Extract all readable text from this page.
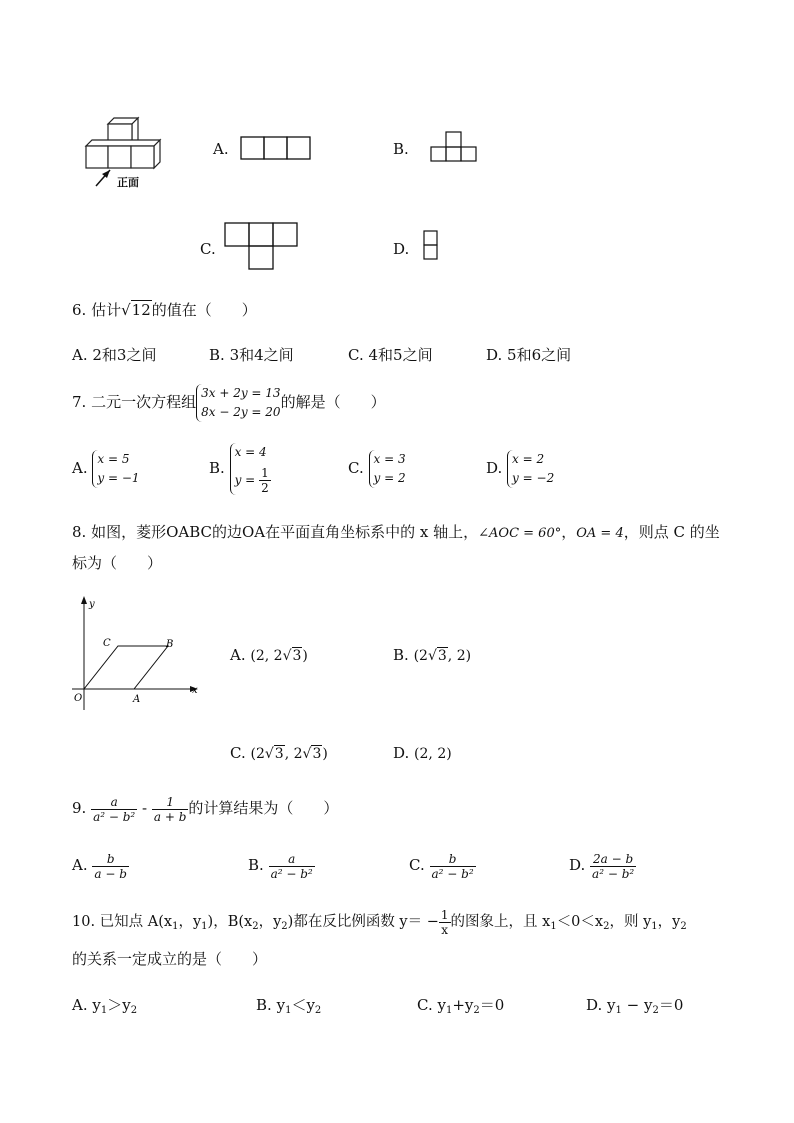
正面
A.	B.
C.	D.
6. 估计√12的值在（　　）
A. 2和3之间	B. 3和4之间	C. 4和5之间	D. 5和6之间
7. 二元一次方程组 3x + 2y = 13
8x − 2y = 20
的解是（　　）
A. x = 5
y = −1
B.
x = 4
$y = \frac{1}{2}$	C. x = 3
y = 2
D. x = 2
y = −2
8. 如图，菱形OABC的边OA在平面直角坐标系中的 x 轴上，∠AOC = 60°，OA = 4，则点 C 的坐
标为（　　）
y
x
O	A
B
C
A. (2, 2√3)	B. (2√3, 2)
C. (2√3, 2√3)	D. (2, 2)
9. $\frac{a}{\text{a² − b²}} - \frac{1}{a + b}$ 的计算结果为（　　）
A. $\frac{b}{a - b}$	B. $\frac{a}{\text{a² − b²}}$	C. $\frac{b}{\text{a² − b²}}$	D. $\frac{2a - b}{\text{a² − b²}}$
10. 已知点 $A(x_1$，$y_1$)，$B(x_2$，$y_2$)都在反比例函数 $y= - \frac{1}{x}$ 的图象上，且 $x_1<0<x_2$，则 $y_1$，$y_2$
的关系一定成立的是（　　）
A. $y_1>y_2$	B. $y_1<y_2$	C. $y_1+y_2=0$	D. $y_1 - y_2=0$
